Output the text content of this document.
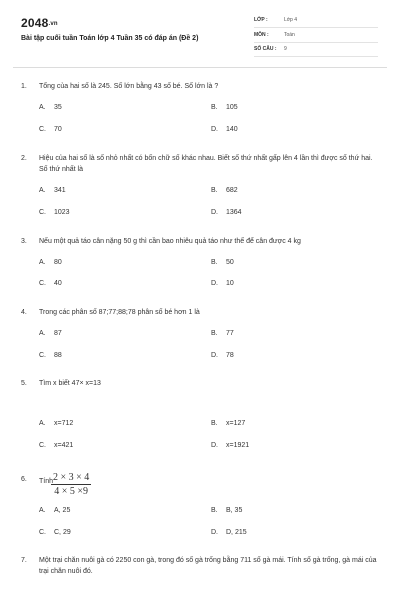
2048.vn
Bài tập cuối tuần Toán lớp 4 Tuần 35 có đáp án (Đề 2)
LỚP :	Lớp 4
MÔN :	Toán
SỐ CÂU : 9
1. Tổng của hai số là 245. Số lớn bằng 43 số bé. Số lớn là ?
A. 35	B. 105
C. 70	D. 140
2. Hiệu của hai số là số nhỏ nhất có bốn chữ số khác nhau. Biết số thứ nhất gấp lên 4 lần thì được số thứ hai. Số thứ nhất là
A. 341	B. 682
C. 1023	D. 1364
3. Nếu một quả táo cân nặng 50 g thì cần bao nhiêu quả táo như thế để cân được 4 kg
A. 80	B. 50
C. 40	D. 10
4. Trong các phân số 87;77;88;78 phân số bé hơn 1 là
A. 87	B. 77
C. 88	D. 78
5. Tìm x biết 47× x=13
A. x=712	B. x=127
C. x=421	D. x=1921
6. Tính
$\frac{2 \times 3 \times 4}{4 \times 5 \times 9}$
A. A, 25	B. B, 35
C. C, 29	D. D, 215
7. Một trại chăn nuôi gà có 2250 con gà, trong đó số gà trống bằng 711 số gà mái. Tính số gà trống, gà mái của trại chăn nuôi đó.
